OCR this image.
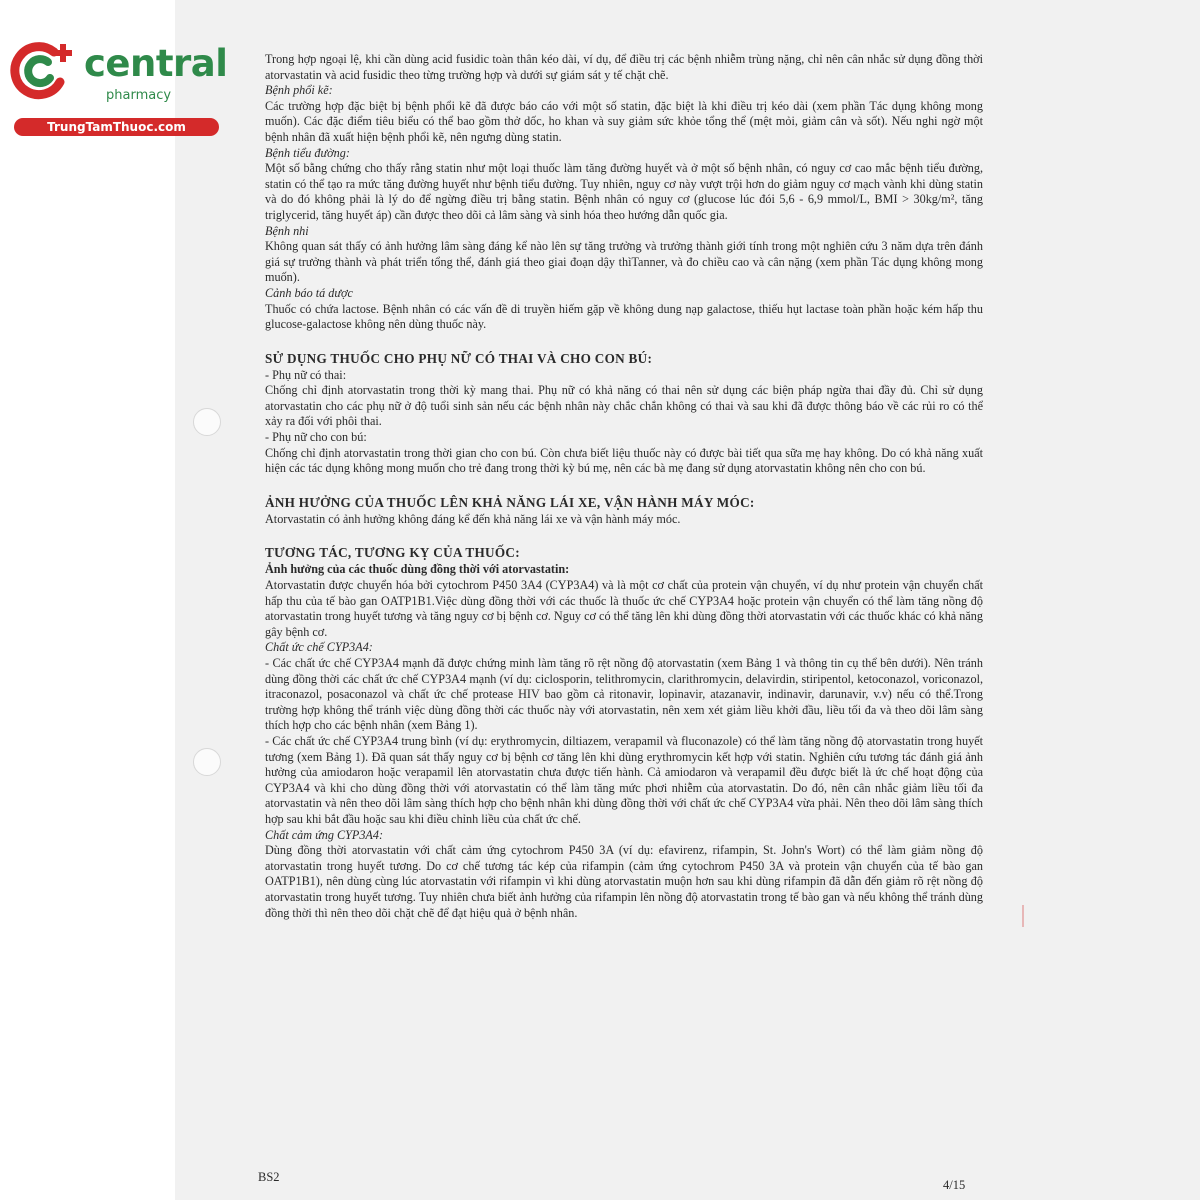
Trong hợp ngoại lệ, khi cần dùng acid fusidic toàn thân kéo dài, ví dụ, để điều trị các bệnh nhiễm trùng nặng, chỉ nên cân nhắc sử dụng đồng thời atorvastatin và acid fusidic theo từng trường hợp và dưới sự giám sát y tế chặt chẽ.

Bệnh phổi kẽ:

Các trường hợp đặc biệt bị bệnh phổi kẽ đã được báo cáo với một số statin, đặc biệt là khi điều trị kéo dài (xem phần Tác dụng không mong muốn). Các đặc điểm tiêu biểu có thể bao gồm thở dốc, ho khan và suy giảm sức khỏe tổng thể (mệt mỏi, giảm cân và sốt). Nếu nghi ngờ một bệnh nhân đã xuất hiện bệnh phổi kẽ, nên ngưng dùng statin.

Bệnh tiểu đường:

Một số bằng chứng cho thấy rằng statin như một loại thuốc làm tăng đường huyết và ở một số bệnh nhân, có nguy cơ cao mắc bệnh tiểu đường, statin có thể tạo ra mức tăng đường huyết như bệnh tiểu đường. Tuy nhiên, nguy cơ này vượt trội hơn do giảm nguy cơ mạch vành khi dùng statin và do đó không phải là lý do để ngừng điều trị bằng statin. Bệnh nhân có nguy cơ (glucose lúc đói 5,6 - 6,9 mmol/L, BMI > 30kg/m², tăng triglycerid, tăng huyết áp) cần được theo dõi cả lâm sàng và sinh hóa theo hướng dẫn quốc gia.

Bệnh nhi

Không quan sát thấy có ảnh hưởng lâm sàng đáng kể nào lên sự tăng trưởng và trưởng thành giới tính trong một nghiên cứu 3 năm dựa trên đánh giá sự trưởng thành và phát triển tổng thể, đánh giá theo giai đoạn dậy thìTanner, và đo chiều cao và cân nặng (xem phần Tác dụng không mong muốn).

Cảnh báo tá dược

Thuốc có chứa lactose. Bệnh nhân có các vấn đề di truyền hiếm gặp về không dung nạp galactose, thiếu hụt lactase toàn phần hoặc kém hấp thu glucose-galactose không nên dùng thuốc này.

SỬ DỤNG THUỐC CHO PHỤ NỮ CÓ THAI VÀ CHO CON BÚ:

- Phụ nữ có thai:

Chống chỉ định atorvastatin trong thời kỳ mang thai. Phụ nữ có khả năng có thai nên sử dụng các biện pháp ngừa thai đầy đủ. Chỉ sử dụng atorvastatin cho các phụ nữ ở độ tuổi sinh sản nếu các bệnh nhân này chắc chắn không có thai và sau khi đã được thông báo về các rủi ro có thể xảy ra đối với phôi thai.

- Phụ nữ cho con bú:

Chống chỉ định atorvastatin trong thời gian cho con bú. Còn chưa biết liệu thuốc này có được bài tiết qua sữa mẹ hay không. Do có khả năng xuất hiện các tác dụng không mong muốn cho trẻ đang trong thời kỳ bú mẹ, nên các bà mẹ đang sử dụng atorvastatin không nên cho con bú.

ẢNH HƯỞNG CỦA THUỐC LÊN KHẢ NĂNG LÁI XE, VẬN HÀNH MÁY MÓC:

Atorvastatin có ảnh hưởng không đáng kể đến khả năng lái xe và vận hành máy móc.

TƯƠNG TÁC, TƯƠNG KỴ CỦA THUỐC:

Ảnh hưởng của các thuốc dùng đồng thời với atorvastatin:

Atorvastatin được chuyển hóa bởi cytochrom P450 3A4 (CYP3A4) và là một cơ chất của protein vận chuyển, ví dụ như protein vận chuyển chất hấp thu của tế bào gan OATP1B1.Việc dùng đồng thời với các thuốc là thuốc ức chế CYP3A4 hoặc protein vận chuyển có thể làm tăng nồng độ atorvastatin trong huyết tương và tăng nguy cơ bị bệnh cơ. Nguy cơ có thể tăng lên khi dùng đồng thời atorvastatin với các thuốc khác có khả năng gây bệnh cơ.

Chất ức chế CYP3A4:

- Các chất ức chế CYP3A4 mạnh đã được chứng minh làm tăng rõ rệt nồng độ atorvastatin (xem Bảng 1 và thông tin cụ thể bên dưới). Nên tránh dùng đồng thời các chất ức chế CYP3A4 mạnh (ví dụ: ciclosporin, telithromycin, clarithromycin, delavirdin, stiripentol, ketoconazol, voriconazol, itraconazol, posaconazol và chất ức chế protease HIV bao gồm cả ritonavir, lopinavir, atazanavir, indinavir, darunavir, v.v) nếu có thể.Trong trường hợp không thể tránh việc dùng đồng thời các thuốc này với atorvastatin, nên xem xét giảm liều khởi đầu, liều tối đa và theo dõi lâm sàng thích hợp cho các bệnh nhân (xem Bảng 1).

- Các chất ức chế CYP3A4 trung bình (ví dụ: erythromycin, diltiazem, verapamil và fluconazole) có thể làm tăng nồng độ atorvastatin trong huyết tương (xem Bảng 1). Đã quan sát thấy nguy cơ bị bệnh cơ tăng lên khi dùng erythromycin kết hợp với statin. Nghiên cứu tương tác đánh giá ảnh hưởng của amiodaron hoặc verapamil lên atorvastatin chưa được tiến hành. Cả amiodaron và verapamil đều được biết là ức chế hoạt động của CYP3A4 và khi cho dùng đồng thời với atorvastatin có thể làm tăng mức phơi nhiễm của atorvastatin. Do đó, nên cân nhắc giảm liều tối đa atorvastatin và nên theo dõi lâm sàng thích hợp cho bệnh nhân khi dùng đồng thời với chất ức chế CYP3A4 vừa phải. Nên theo dõi lâm sàng thích hợp sau khi bắt đầu hoặc sau khi điều chỉnh liều của chất ức chế.

Chất cảm ứng CYP3A4:

Dùng đồng thời atorvastatin với chất cảm ứng cytochrom P450 3A (ví dụ: efavirenz, rifampin, St. John's Wort) có thể làm giảm nồng độ atorvastatin trong huyết tương. Do cơ chế tương tác kép của rifampin (cảm ứng cytochrom P450 3A và protein vận chuyển của tế bào gan OATP1B1), nên dùng cùng lúc atorvastatin với rifampin vì khi dùng atorvastatin muộn hơn sau khi dùng rifampin đã dẫn đến giảm rõ rệt nồng độ atorvastatin trong huyết tương. Tuy nhiên chưa biết ảnh hưởng của rifampin lên nồng độ atorvastatin trong tế bào gan và nếu không thể tránh dùng đồng thời thì nên theo dõi chặt chẽ để đạt hiệu quả ở bệnh nhân.

BS2
4/15
central
pharmacy
TrungTamThuoc.com
